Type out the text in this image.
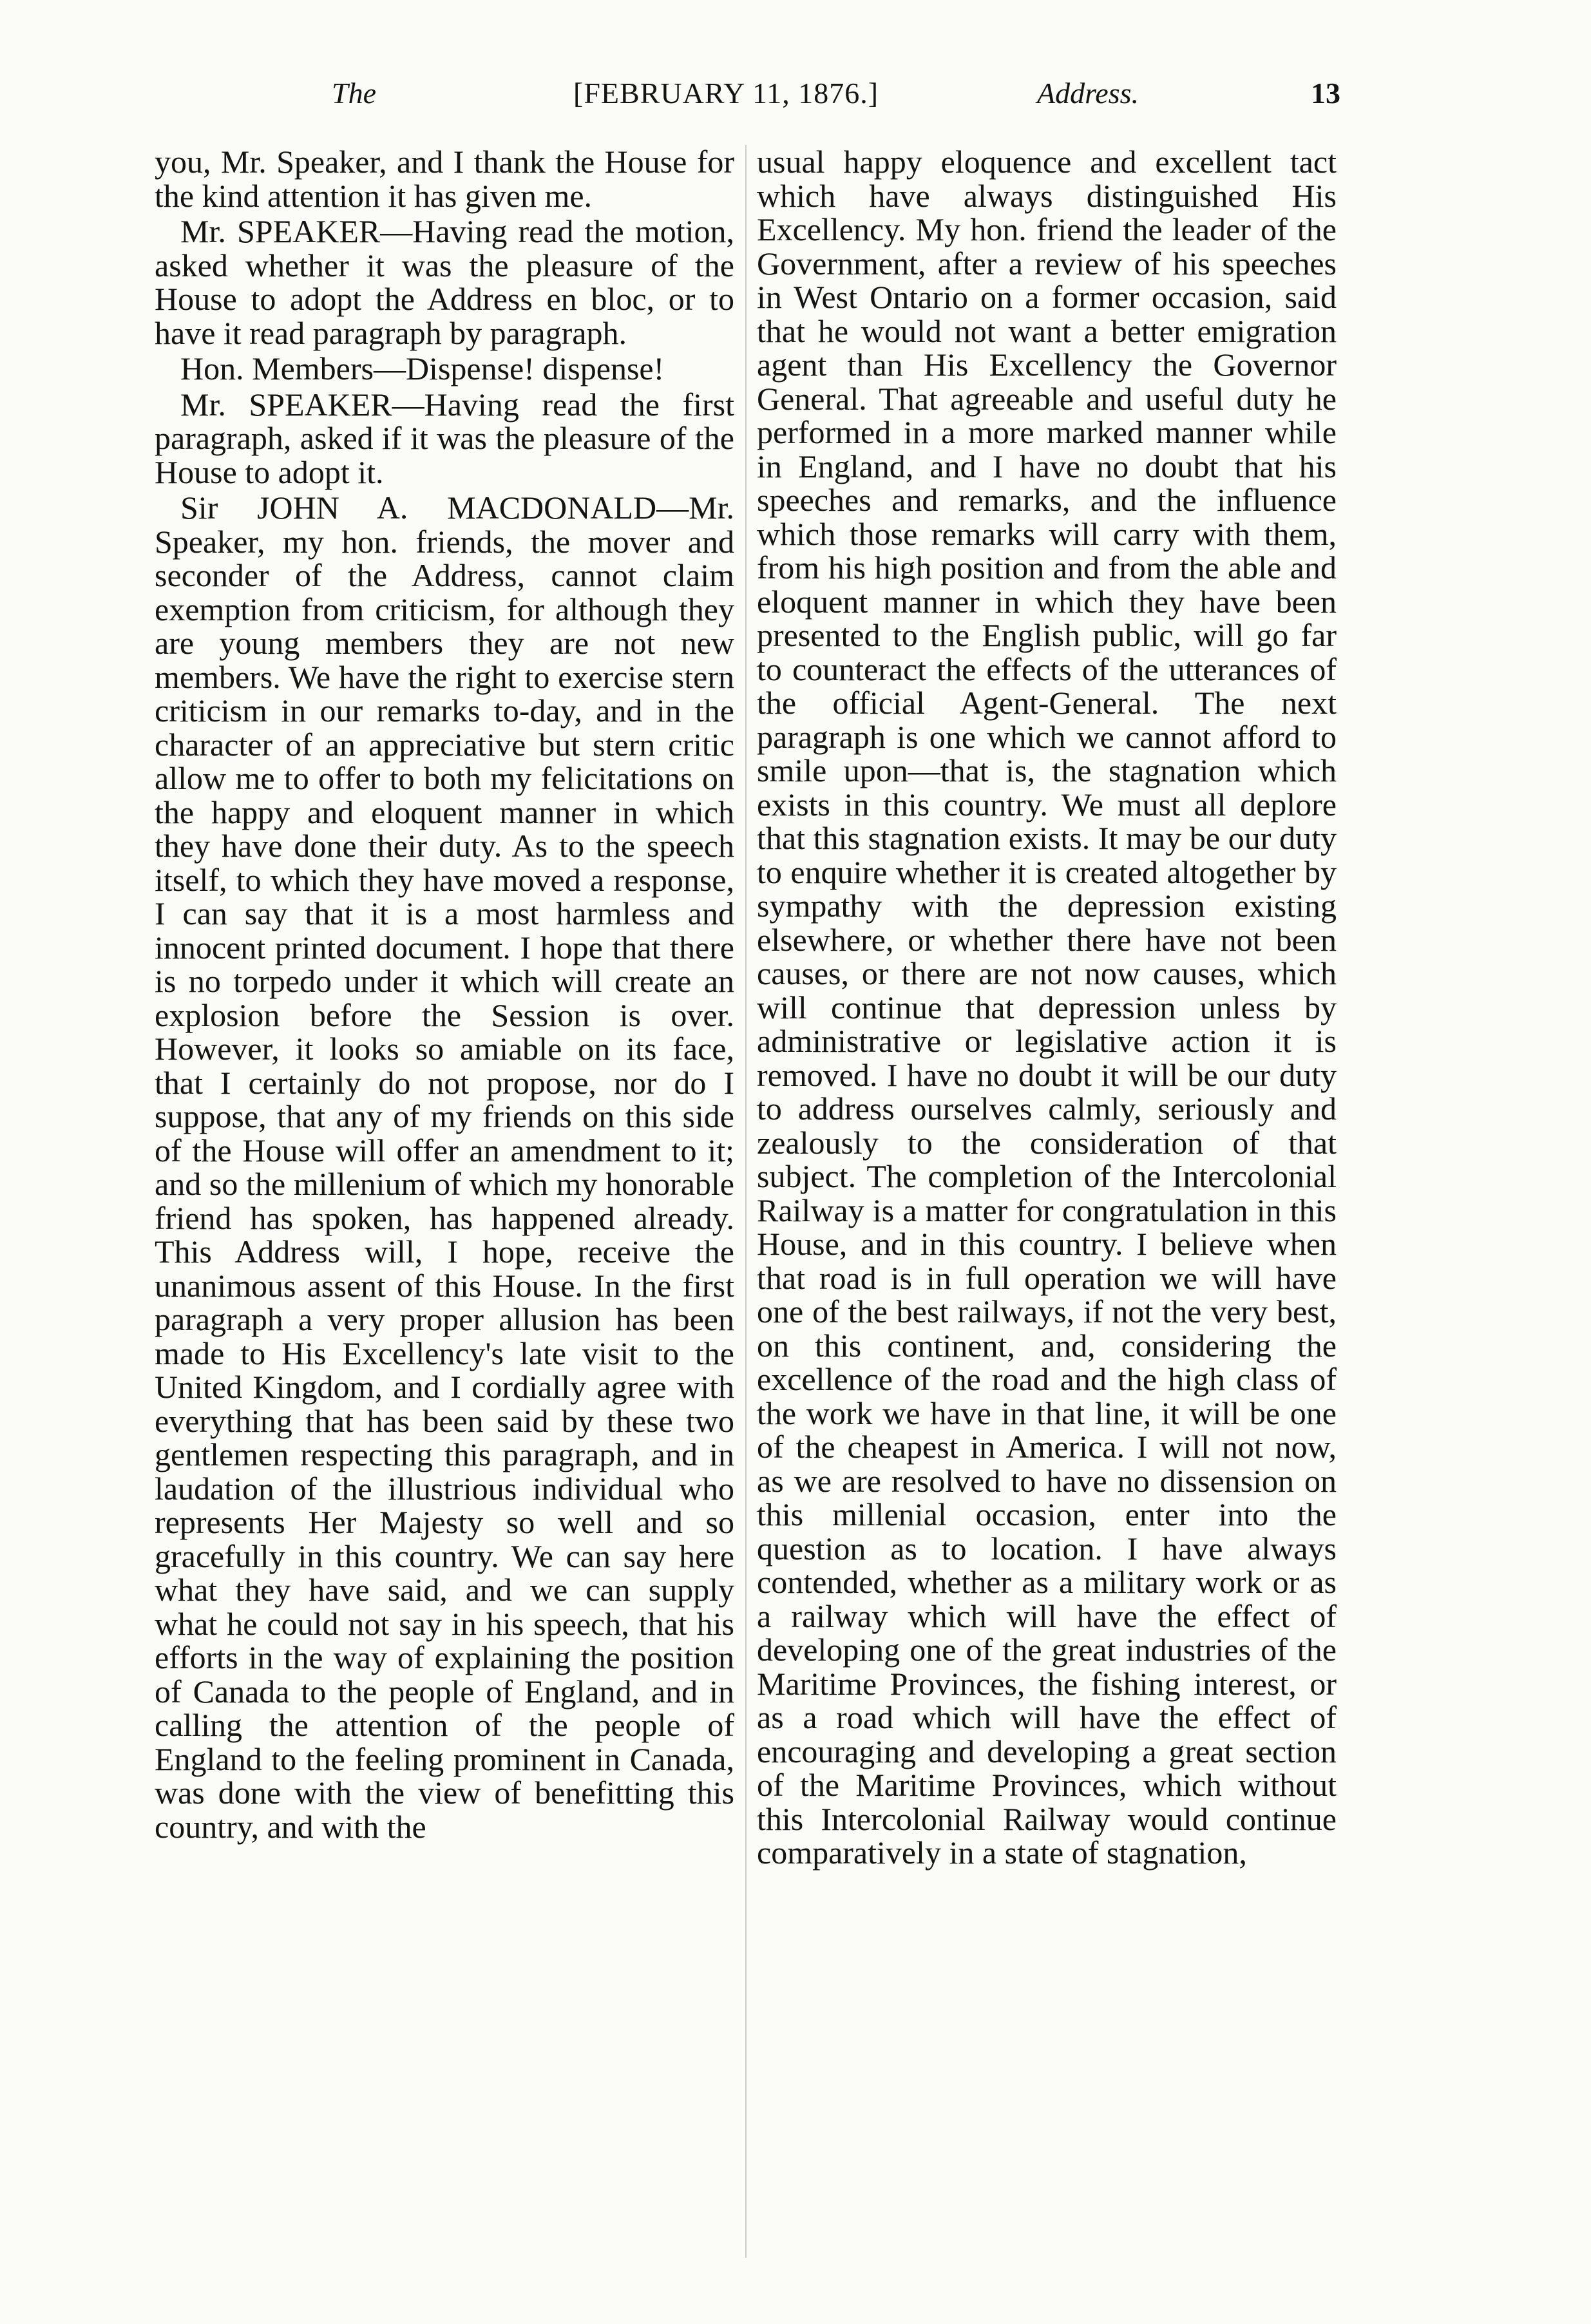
The	[FEBRUARY 11, 1876.]	Address.	13

you, Mr. Speaker, and I thank the House for the kind attention it has given me.

Mr. SPEAKER—Having read the motion, asked whether it was the pleasure of the House to adopt the Address en bloc, or to have it read paragraph by paragraph.

Hon. Members—Dispense! dispense!

Mr. SPEAKER—Having read the first paragraph, asked if it was the pleasure of the House to adopt it.

Sir JOHN A. MACDONALD—Mr. Speaker, my hon. friends, the mover and seconder of the Address, cannot claim exemption from criticism, for although they are young members they are not new members. We have the right to exercise stern criticism in our remarks to-day, and in the character of an appreciative but stern critic allow me to offer to both my felicitations on the happy and eloquent manner in which they have done their duty. As to the speech itself, to which they have moved a response, I can say that it is a most harmless and innocent printed document. I hope that there is no torpedo under it which will create an explosion before the Session is over. However, it looks so amiable on its face, that I certainly do not propose, nor do I suppose, that any of my friends on this side of the House will offer an amendment to it; and so the millenium of which my honorable friend has spoken, has happened already. This Address will, I hope, receive the unanimous assent of this House. In the first paragraph a very proper allusion has been made to His Excellency's late visit to the United Kingdom, and I cordially agree with everything that has been said by these two gentlemen respecting this paragraph, and in laudation of the illustrious individual who represents Her Majesty so well and so gracefully in this country. We can say here what they have said, and we can supply what he could not say in his speech, that his efforts in the way of explaining the position of Canada to the people of England, and in calling the attention of the people of England to the feeling prominent in Canada, was done with the view of benefitting this country, and with the

usual happy eloquence and excellent tact which have always distinguished His Excellency. My hon. friend the leader of the Government, after a review of his speeches in West Ontario on a former occasion, said that he would not want a better emigration agent than His Excellency the Governor General. That agreeable and useful duty he performed in a more marked manner while in England, and I have no doubt that his speeches and remarks, and the influence which those remarks will carry with them, from his high position and from the able and eloquent manner in which they have been presented to the English public, will go far to counteract the effects of the utterances of the official Agent-General. The next paragraph is one which we cannot afford to smile upon—that is, the stagnation which exists in this country. We must all deplore that this stagnation exists. It may be our duty to enquire whether it is created altogether by sympathy with the depression existing elsewhere, or whether there have not been causes, or there are not now causes, which will continue that depression unless by administrative or legislative action it is removed. I have no doubt it will be our duty to address ourselves calmly, seriously and zealously to the consideration of that subject. The completion of the Intercolonial Railway is a matter for congratulation in this House, and in this country. I believe when that road is in full operation we will have one of the best railways, if not the very best, on this continent, and, considering the excellence of the road and the high class of the work we have in that line, it will be one of the cheapest in America. I will not now, as we are resolved to have no dissension on this millenial occasion, enter into the question as to location. I have always contended, whether as a military work or as a railway which will have the effect of developing one of the great industries of the Maritime Provinces, the fishing interest, or as a road which will have the effect of encouraging and developing a great section of the Maritime Provinces, which without this Intercolonial Railway would continue comparatively in a state of stagnation,
